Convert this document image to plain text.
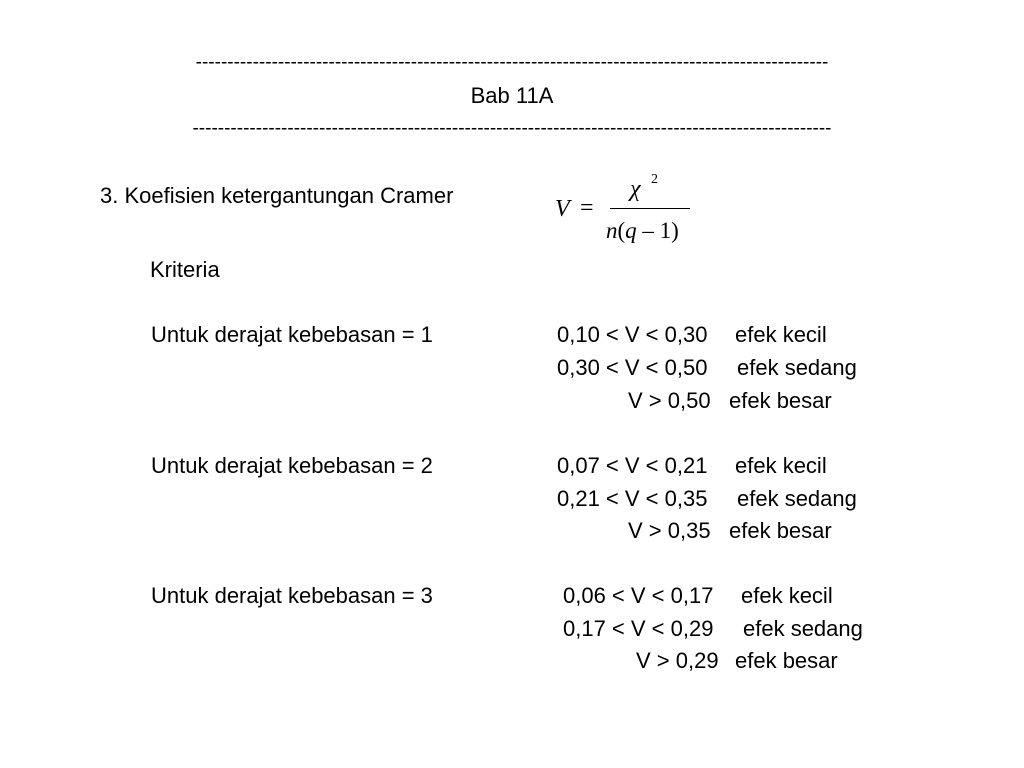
----------------------------------------------------------------------------------------------------
Bab 11A
-----------------------------------------------------------------------------------------------------
3. Koefisien ketergantungan Cramer
V =
χ 2
n(q – 1)
Kriteria
Untuk derajat kebebasan = 1	0,10 < V < 0,30 efek kecil
0,30 < V < 0,50 efek sedang
V > 0,50 efek besar
Untuk derajat kebebasan = 2	0,07 < V < 0,21 efek kecil
0,21 < V < 0,35 efek sedang
V > 0,35 efek besar
Untuk derajat kebebasan = 3	0,06 < V < 0,17 efek kecil
0,17 < V < 0,29 efek sedang
V > 0,29 efek besar
